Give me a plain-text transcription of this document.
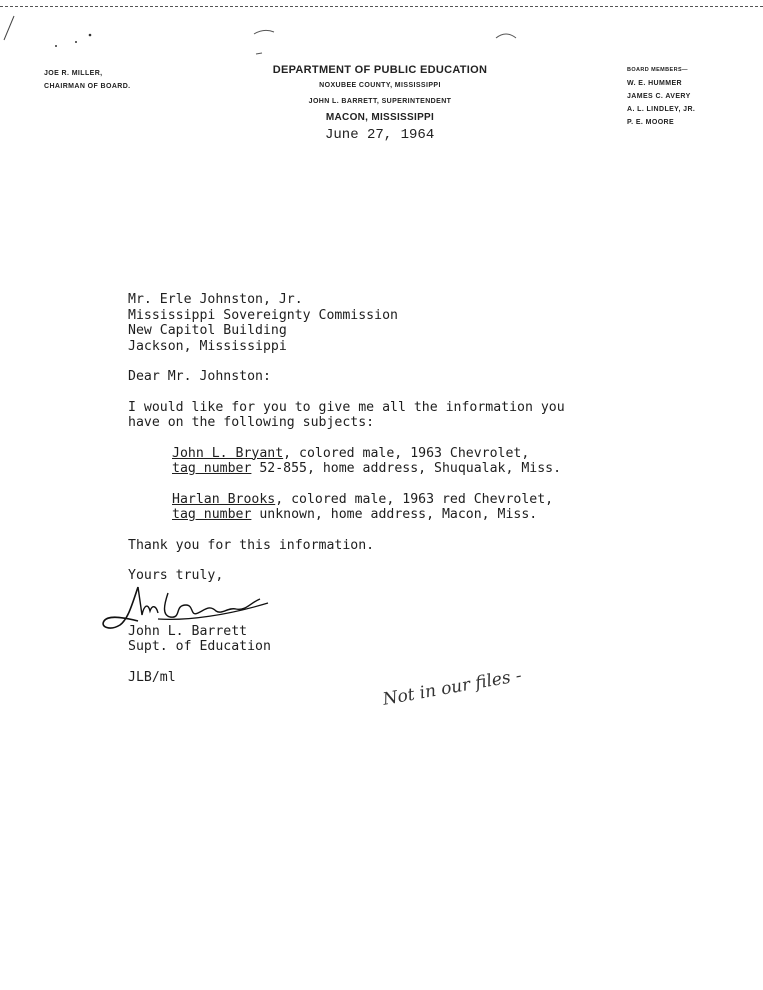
JOE R. MILLER,
CHAIRMAN OF BOARD.
DEPARTMENT OF PUBLIC EDUCATION
NOXUBEE COUNTY, MISSISSIPPI
JOHN L. BARRETT, SUPERINTENDENT
MACON, MISSISSIPPI
BOARD MEMBERS—
W. E. HUMMER
JAMES C. AVERY
A. L. LINDLEY, JR.
P. E. MOORE
June 27, 1964

Mr. Erle Johnston, Jr.

Mississippi Sovereignty Commission

New Capitol Building

Jackson, Mississippi

Dear Mr. Johnston:

I would like for you to give me all the information you

have on the following subjects:

John L. Bryant, colored male, 1963 Chevrolet,

tag number 52-855, home address, Shuqualak, Miss.

Harlan Brooks, colored male, 1963 red Chevrolet,

tag number unknown, home address, Macon, Miss.

Thank you for this information.

Yours truly,

John L. Barrett

Supt. of Education

JLB/ml	Not in our files -
